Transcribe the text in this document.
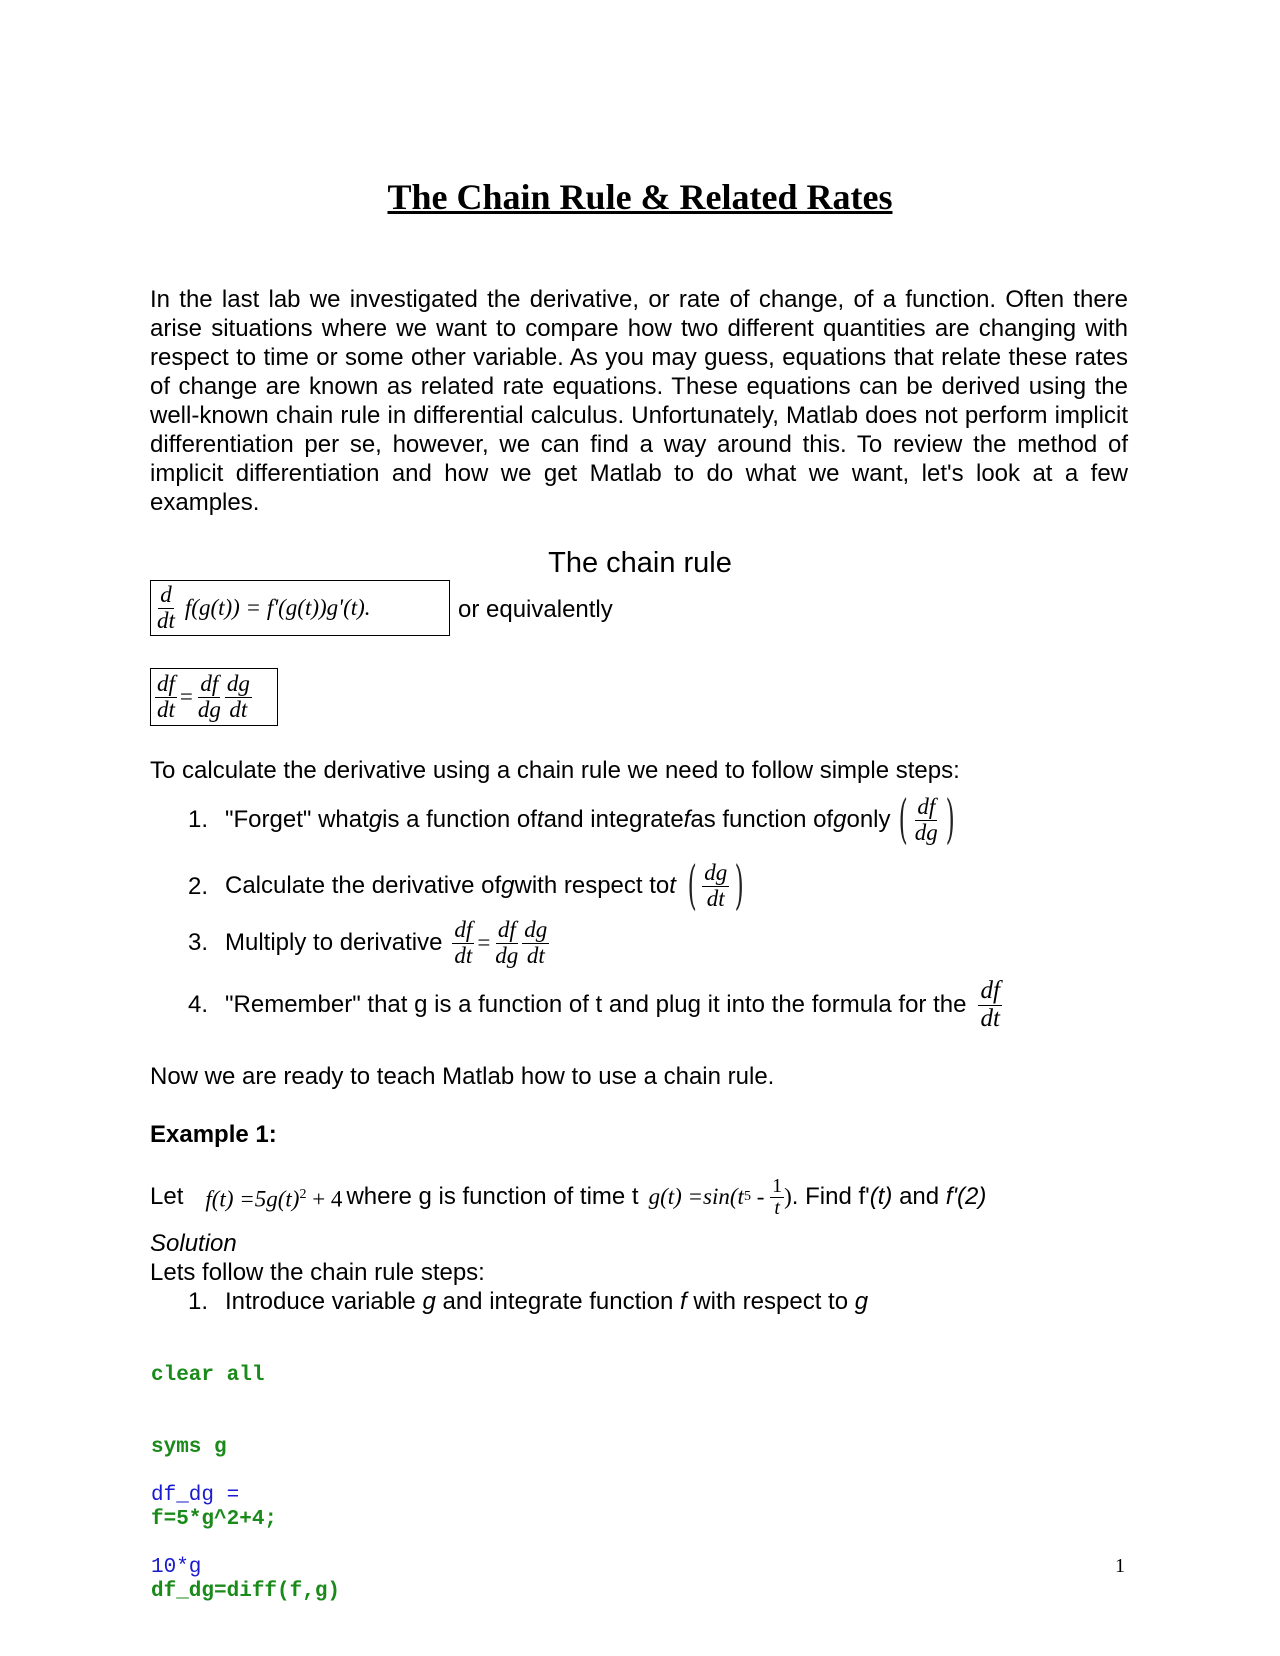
The Chain Rule & Related Rates

In the last lab we investigated the derivative, or rate of change, of a function. Often there arise situations where we want to compare how two different quantities are changing with respect to time or some other variable. As you may guess, equations that relate these rates of change are known as related rate equations. These equations can be derived using the well-known chain rule in differential calculus. Unfortunately, Matlab does not perform implicit differentiation per se, however, we can find a way around this. To review the method of implicit differentiation and how we get Matlab to do what we want, let's look at a few examples.

The chain rule
$\frac{d}{dt} f(g(t)) = f'(g(t))g'(t)$.	or equivalently
$\frac{df}{dt} = \frac{df}{dg} \frac{dg}{dt}$
To calculate the derivative using a chain rule we need to follow simple steps:
1. "Forget" what g is a function of t and integrate f as function of g only ( $\frac{df}{dg}$ )
2. Calculate the derivative of g with respect to t ( $\frac{dg}{dt}$ )
3. Multiply to derivative $\frac{df}{dt} = \frac{df}{dg} \frac{dg}{dt}$
4. "Remember" that g is a function of t and plug it into the formula for the $\frac{df}{dt}$
Now we are ready to teach Matlab how to use a chain rule.
Example 1:
Let $f(t) =5g(t)^2 + 4$ where g is function of time t g(t) =sin(t $5 - \frac{1}{t}$ ) . Find f' (t) and f'(2)
Solution
Lets follow the chain rule steps:
1. Introduce variable g and integrate function f with respect to g

clear all

syms g

f=5*g^2+4;

df_dg=diff(f,g)

df_dg =

10*g

	1
